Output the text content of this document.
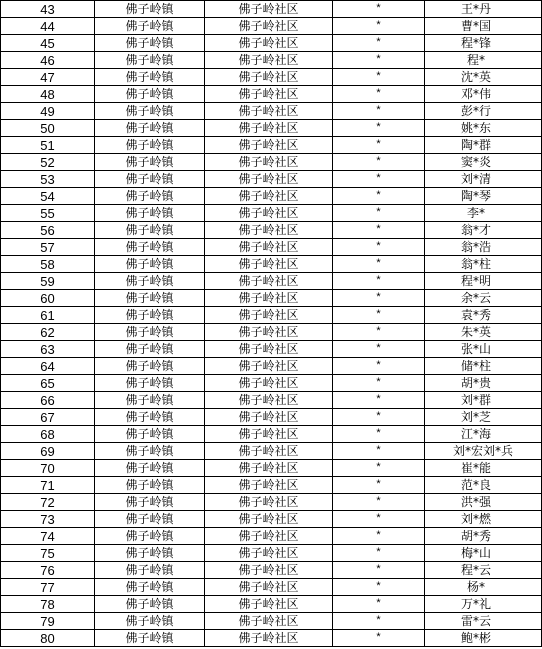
43	佛子岭镇	佛子岭社区	*	王*丹
44	佛子岭镇	佛子岭社区	*	曹*国
45	佛子岭镇	佛子岭社区	*	程*锋
46	佛子岭镇	佛子岭社区	*	程*
47	佛子岭镇	佛子岭社区	*	沈*英
48	佛子岭镇	佛子岭社区	*	邓*伟
49	佛子岭镇	佛子岭社区	*	彭*行
50	佛子岭镇	佛子岭社区	*	姚*东
51	佛子岭镇	佛子岭社区	*	陶*群
52	佛子岭镇	佛子岭社区	*	窦*炎
53	佛子岭镇	佛子岭社区	*	刘*清
54	佛子岭镇	佛子岭社区	*	陶*琴
55	佛子岭镇	佛子岭社区	*	李*
56	佛子岭镇	佛子岭社区	*	翁*才
57	佛子岭镇	佛子岭社区	*	翁*浩
58	佛子岭镇	佛子岭社区	*	翁*柱
59	佛子岭镇	佛子岭社区	*	程*明
60	佛子岭镇	佛子岭社区	*	余*云
61	佛子岭镇	佛子岭社区	*	袁*秀
62	佛子岭镇	佛子岭社区	*	朱*英
63	佛子岭镇	佛子岭社区	*	张*山
64	佛子岭镇	佛子岭社区	*	储*柱
65	佛子岭镇	佛子岭社区	*	胡*贵
66	佛子岭镇	佛子岭社区	*	刘*群
67	佛子岭镇	佛子岭社区	*	刘*芝
68	佛子岭镇	佛子岭社区	*	江*海
69	佛子岭镇	佛子岭社区	*	刘*宏刘*兵
70	佛子岭镇	佛子岭社区	*	崔*能
71	佛子岭镇	佛子岭社区	*	范*良
72	佛子岭镇	佛子岭社区	*	洪*强
73	佛子岭镇	佛子岭社区	*	刘*燃
74	佛子岭镇	佛子岭社区	*	胡*秀
75	佛子岭镇	佛子岭社区	*	梅*山
76	佛子岭镇	佛子岭社区	*	程*云
77	佛子岭镇	佛子岭社区	*	杨*
78	佛子岭镇	佛子岭社区	*	万*礼
79	佛子岭镇	佛子岭社区	*	雷*云
80	佛子岭镇	佛子岭社区	*	鲍*彬
